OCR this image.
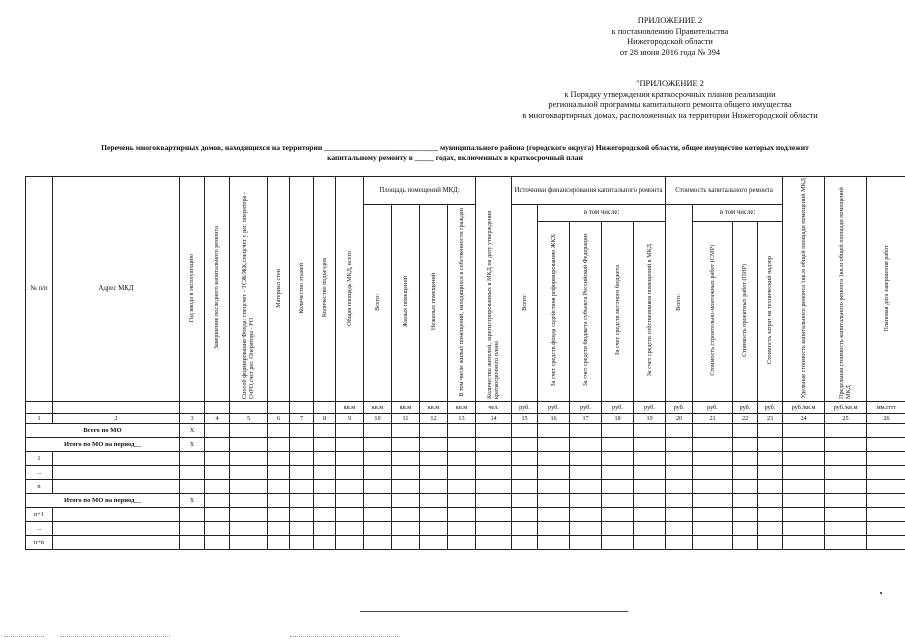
ПРИЛОЖЕНИЕ 2
к постановлению Правительства
Нижегородской области
от 28 июня 2016 года № 394
"ПРИЛОЖЕНИЕ 2
к Порядку утверждения краткосрочных планов реализации
региональной программы капитального ремонта общего имущества
в многоквартирных домах, расположенных на территории Нижегородской области
Перечень многоквартирных домов, находящихся на территории ______________________________ муниципального района (городского округа) Нижегородской области, общее имущество которых подлежит
капитальному ремонту в _____ годах, включенных в краткосрочный план
№ п/п	Адрес МКД	Год ввода в эксплуатацию	Завершение последнего капитального ремонта	Способ формирования Фонда: спецсчет - ТСЖ/ЖК,спецсчет у рег. оператора - СчРО,счет рег. Оператора - РО	Материал стен	Количество этажей	Количество подъездов	Общая площадь МКД, всего	Площадь помещений МКД:				Количество жителей, зарегистрированных в МКД на дату утверждения краткосрочного плана	Источники финансирования капитального ремонта					Стоимость капитального ремонта				Удельная стоимость капитального ремонта 1кв.м общей площади помещений МКД	Предельная стоимость капитального ремонта 1кв.м общей площади помещений МКД	Плановая дата завершения работ
									Всего:	Жилых помещений	Нежилых помещений	В том числе жилых помещений, находящихся в собственности граждан		Всего:	в том числе:				Всего:	в том числе:					
															За счет средств фонда содействия реформированию ЖКХ	За счет средств бюджета субъекта Российской Федерации	За счет средств местного бюджета	За счет средств собственников помещений в МКД		Стоимость строительно-монтажных работ (СМР)	Стоимость проектных работ (ПИР)	Стоимость затрат на технический надзор			
								кв.м	кв.м	кв.м	кв.м	кв.м	чел.	руб.	руб.	руб.	руб.	руб.	руб.	руб.	руб.	руб.	руб./кв.м	руб./кв.м	мм.гггг
1	2	3	4	5	6	7	8	9	10	11	12	13	14	15	16	17	18	19	20	21	22	23	24	25	26
Всего по МО		X																							
Итого по МО на период__		X																							
1																									
...																									
n																									
Итого по МО на период__		X																							
n+1																									
...																									
n+n																									
